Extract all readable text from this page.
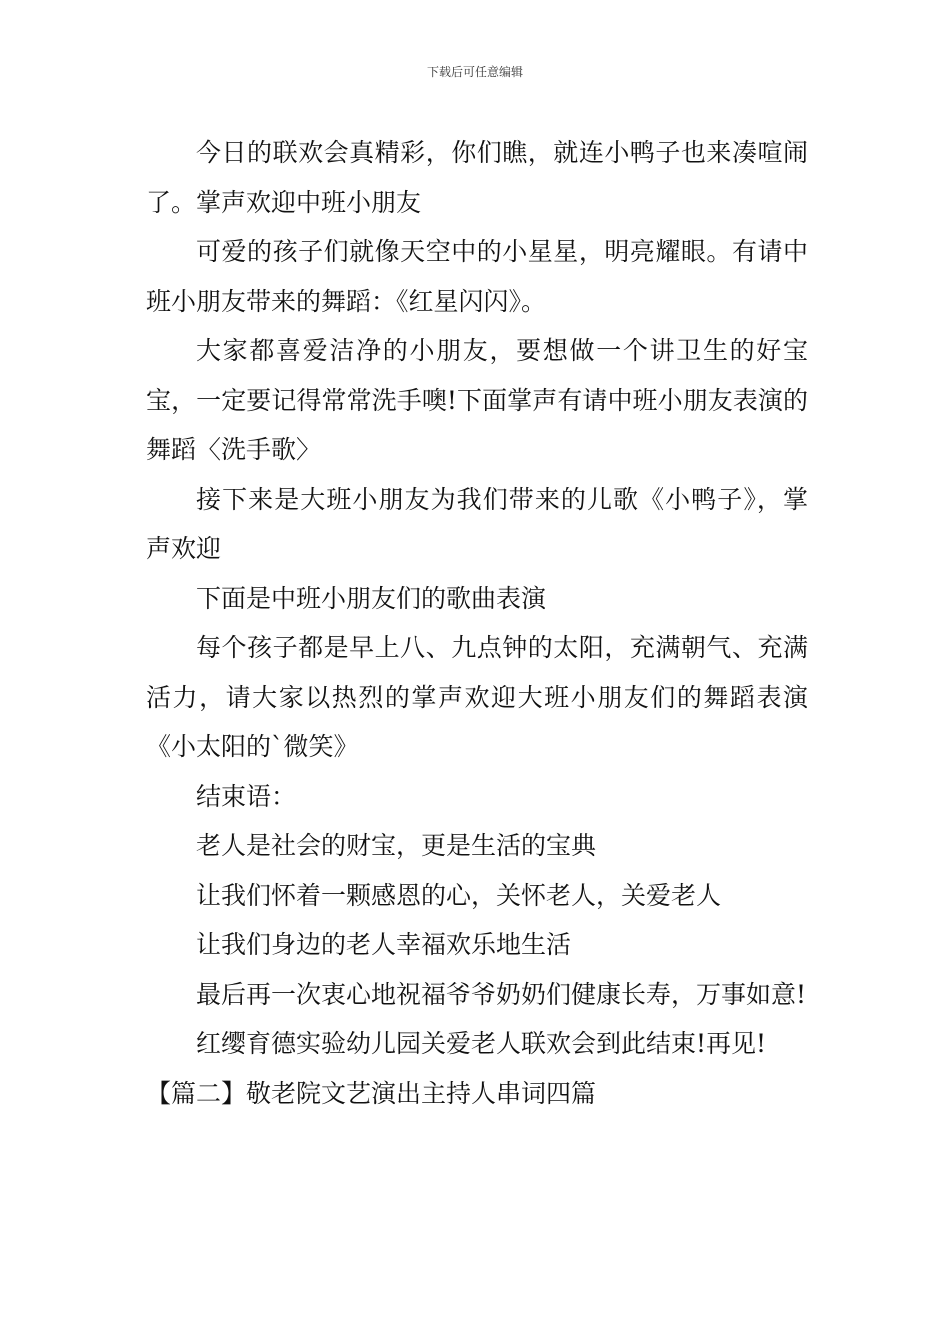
下载后可任意编辑

今日的联欢会真精彩，你们瞧，就连小鸭子也来凑喧闹了。掌声欢迎中班小朋友

可爱的孩子们就像天空中的小星星，明亮耀眼。有请中班小朋友带来的舞蹈：《红星闪闪》。

大家都喜爱洁净的小朋友，要想做一个讲卫生的好宝宝，一定要记得常常洗手噢!下面掌声有请中班小朋友表演的舞蹈〈洗手歌〉

接下来是大班小朋友为我们带来的儿歌《小鸭子》，掌声欢迎

下面是中班小朋友们的歌曲表演

每个孩子都是早上八、九点钟的太阳，充满朝气、充满活力，请大家以热烈的掌声欢迎大班小朋友们的舞蹈表演《小太阳的`微笑》

结束语：

老人是社会的财宝，更是生活的宝典

让我们怀着一颗感恩的心，关怀老人，关爱老人

让我们身边的老人幸福欢乐地生活

最后再一次衷心地祝福爷爷奶奶们健康长寿，万事如意!

红缨育德实验幼儿园关爱老人联欢会到此结束!再见!

【篇二】敬老院文艺演出主持人串词四篇
